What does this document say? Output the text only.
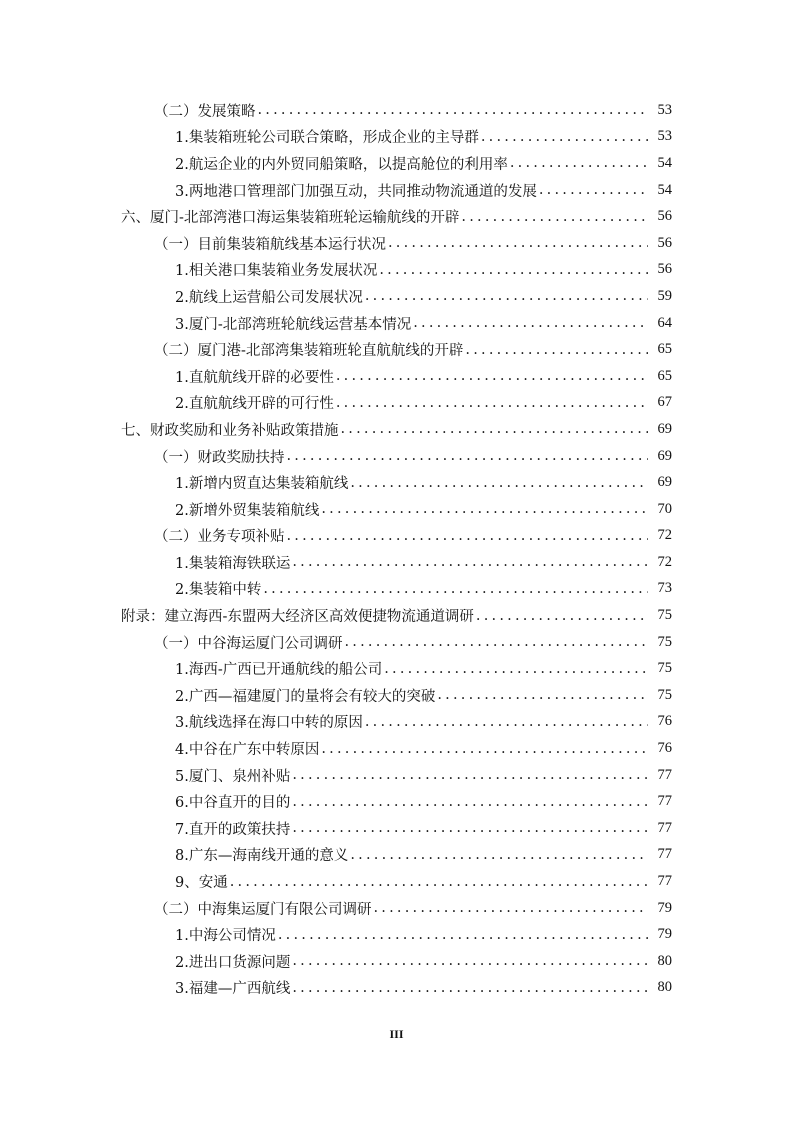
（二）发展策略 .....	53
1.集装箱班轮公司联合策略，形成企业的主导群 .....	53
2.航运企业的内外贸同船策略，以提高舱位的利用率 .....	54
3.两地港口管理部门加强互动，共同推动物流通道的发展 .....	54
六、厦门-北部湾港口海运集装箱班轮运输航线的开辟 .....	56
（一）目前集装箱航线基本运行状况 .....	56
1.相关港口集装箱业务发展状况 .....	56
2.航线上运营船公司发展状况 .....	59
3.厦门-北部湾班轮航线运营基本情况 .....	64
（二）厦门港-北部湾集装箱班轮直航航线的开辟 .....	65
1.直航航线开辟的必要性 .....	65
2.直航航线开辟的可行性 .....	67
七、财政奖励和业务补贴政策措施 .....	69
（一）财政奖励扶持 .....	69
1.新增内贸直达集装箱航线 .....	69
2.新增外贸集装箱航线 .....	70
（二）业务专项补贴 .....	72
1.集装箱海铁联运 .....	72
2.集装箱中转 .....	73
附录：建立海西-东盟两大经济区高效便捷物流通道调研 .....	75
（一）中谷海运厦门公司调研 .....	75
1.海西-广西已开通航线的船公司 .....	75
2.广西—福建厦门的量将会有较大的突破 .....	75
3.航线选择在海口中转的原因 .....	76
4.中谷在广东中转原因 .....	76
5.厦门、泉州补贴 .....	77
6.中谷直开的目的 .....	77
7.直开的政策扶持 .....	77
8.广东—海南线开通的意义 .....	77
9、安通 .....	77
（二）中海集运厦门有限公司调研 .....	79
1.中海公司情况 .....	79
2.进出口货源问题 .....	80
3.福建—广西航线 .....	80
III
